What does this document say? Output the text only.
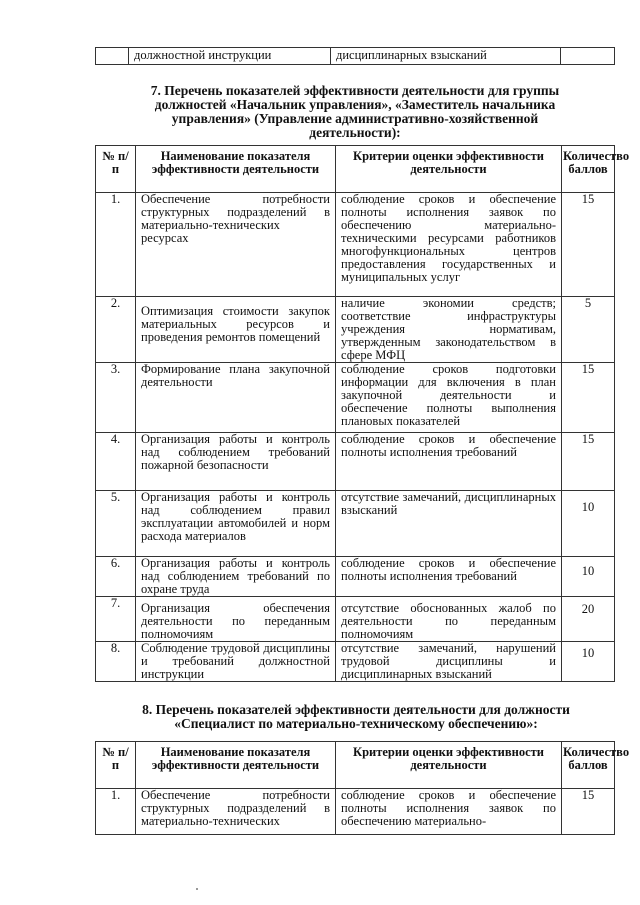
	должностной инструкции	дисциплинарных взысканий	
7. Перечень показателей эффективности деятельности для группы
должностей «Начальник управления», «Заместитель начальника
управления» (Управление административно-хозяйственной
деятельности):
№ п/п	Наименование показателя эффективности деятельности	Критерии оценки эффективности деятельности	Количество баллов
1.	Обеспечение потребности структурных подразделений в материально-технических ресурсах	соблюдение сроков и обеспечение полноты исполнения заявок по обеспечению материально-техническими ресурсами работников многофункциональных центров предоставления государственных и муниципальных услуг	15
2.	Оптимизация стоимости закупок материальных ресурсов и проведения ремонтов помещений	наличие экономии средств; соответствие инфраструктуры учреждения нормативам, утвержденным законодательством в сфере МФЦ	5
3.	Формирование плана закупочной деятельности	соблюдение сроков подготовки информации для включения в план закупочной деятельности и обеспечение полноты выполнения плановых показателей	15
4.	Организация работы и контроль над соблюдением требований пожарной безопасности	соблюдение сроков и обеспечение полноты исполнения требований	15
5.	Организация работы и контроль над соблюдением правил эксплуатации автомобилей и норм расхода материалов	отсутствие замечаний, дисциплинарных взысканий	10
6.	Организация работы и контроль над соблюдением требований по охране труда	соблюдение сроков и обеспечение полноты исполнения требований	10
7.	Организация обеспечения деятельности по переданным полномочиям	отсутствие обоснованных жалоб по деятельности по переданным полномочиям	20
8.	Соблюдение трудовой дисциплины и требований должностной инструкции	отсутствие замечаний, нарушений трудовой дисциплины и дисциплинарных взысканий	10
8. Перечень показателей эффективности деятельности для должности
«Специалист по материально-техническому обеспечению»:
№ п/п	Наименование показателя эффективности деятельности	Критерии оценки эффективности деятельности	Количество баллов
1.	Обеспечение потребности структурных подразделений в материально-технических	соблюдение сроков и обеспечение полноты исполнения заявок по обеспечению материально-	15
